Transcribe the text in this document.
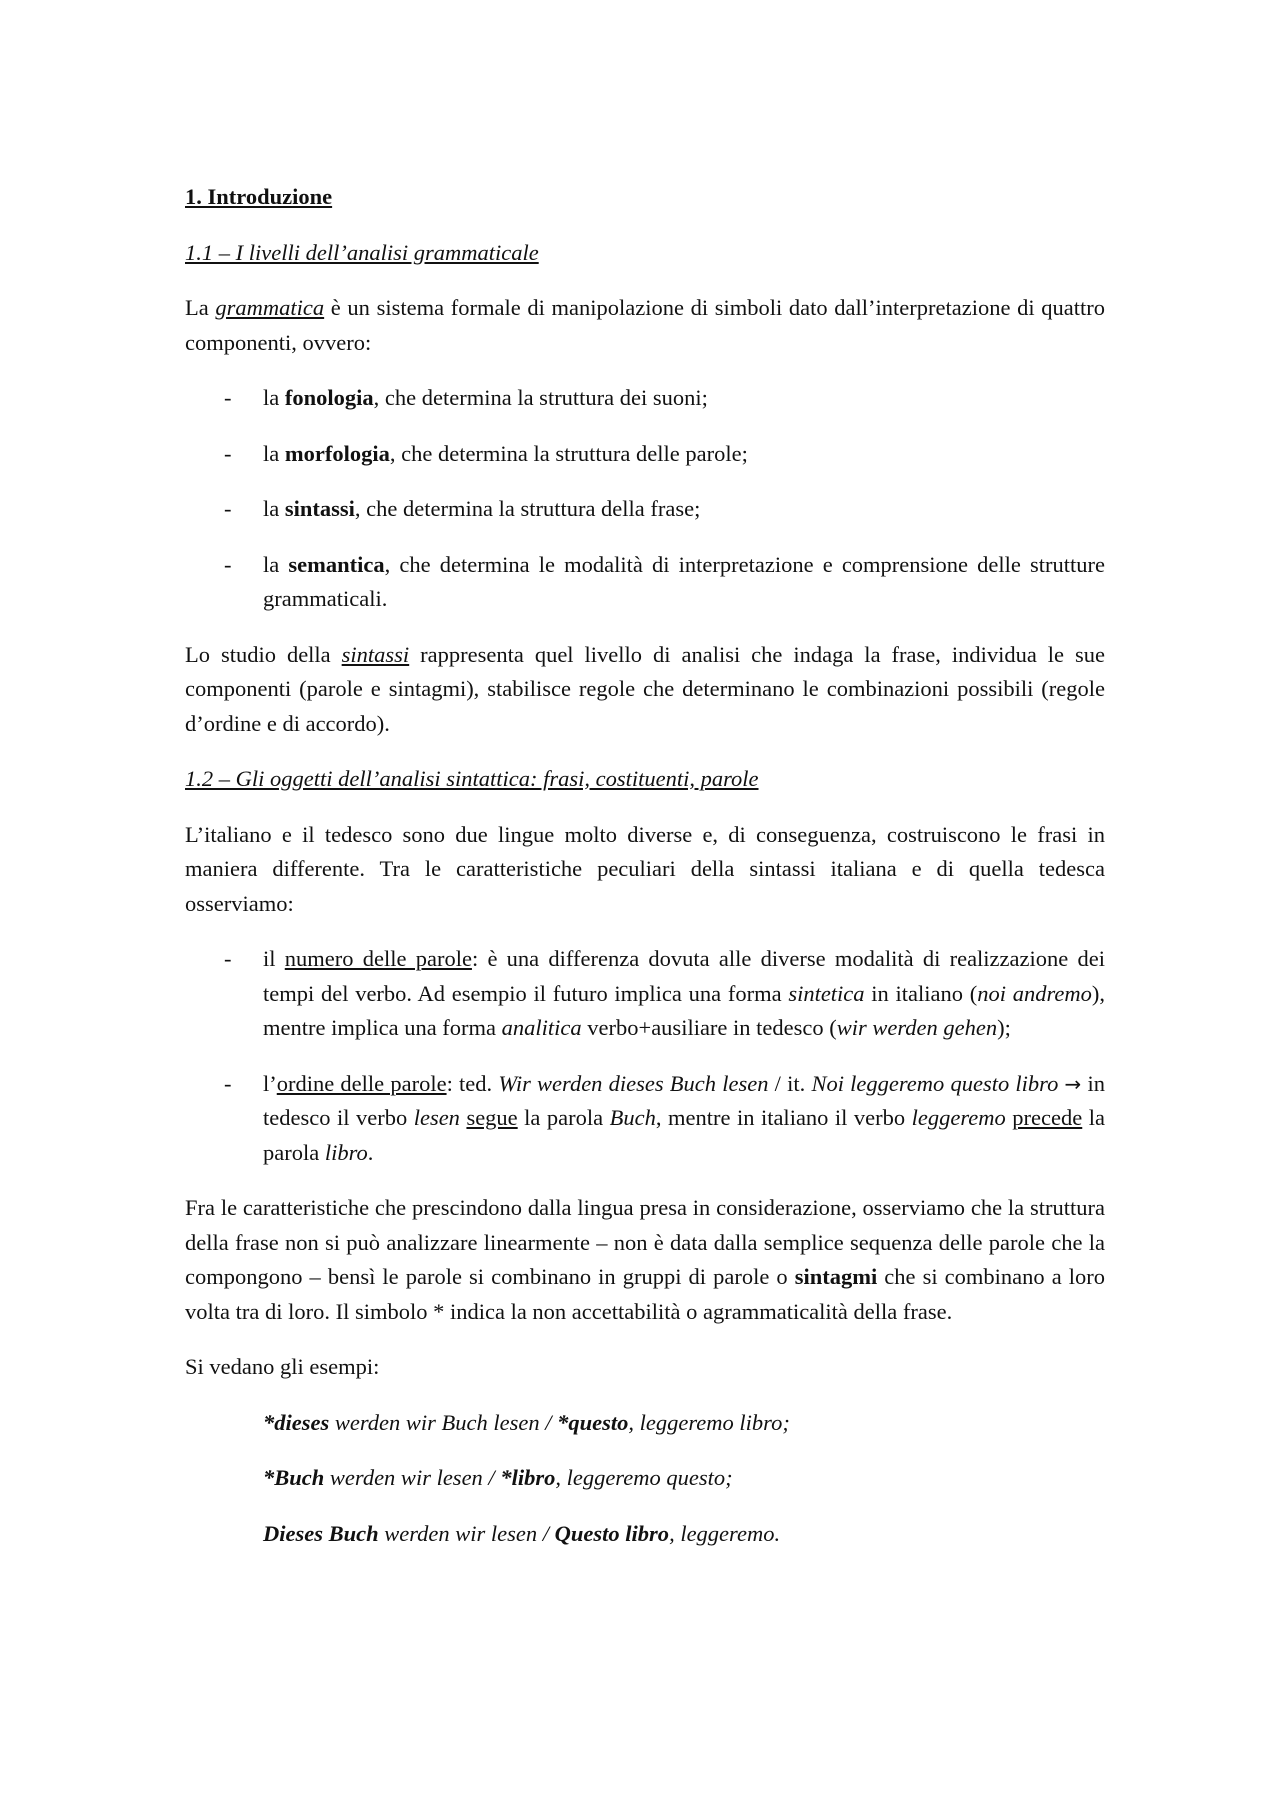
1. Introduzione
1.1 – I livelli dell’analisi grammaticale

La grammatica è un sistema formale di manipolazione di simboli dato dall’interpretazione di quattro componenti, ovvero:

- la fonologia, che determina la struttura dei suoni;
- la morfologia, che determina la struttura delle parole;
- la sintassi, che determina la struttura della frase;
- la semantica, che determina le modalità di interpretazione e comprensione delle strutture grammaticali.

Lo studio della sintassi rappresenta quel livello di analisi che indaga la frase, individua le sue componenti (parole e sintagmi), stabilisce regole che determinano le combinazioni possibili (regole d’ordine e di accordo).

1.2 – Gli oggetti dell’analisi sintattica: frasi, costituenti, parole

L’italiano e il tedesco sono due lingue molto diverse e, di conseguenza, costruiscono le frasi in maniera differente. Tra le caratteristiche peculiari della sintassi italiana e di quella tedesca osserviamo:

- il numero delle parole: è una differenza dovuta alle diverse modalità di realizzazione dei tempi del verbo. Ad esempio il futuro implica una forma sintetica in italiano (noi andremo), mentre implica una forma analitica verbo+ausiliare in tedesco (wir werden gehen);
- l’ordine delle parole: ted. Wir werden dieses Buch lesen / it. Noi leggeremo questo libro → in tedesco il verbo lesen segue la parola Buch, mentre in italiano il verbo leggeremo precede la parola libro.

Fra le caratteristiche che prescindono dalla lingua presa in considerazione, osserviamo che la struttura della frase non si può analizzare linearmente – non è data dalla semplice sequenza delle parole che la compongono – bensì le parole si combinano in gruppi di parole o sintagmi che si combinano a loro volta tra di loro. Il simbolo * indica la non accettabilità o agrammaticalità della frase.

Si vedano gli esempi:

*dieses werden wir Buch lesen / *questo, leggeremo libro;
*Buch werden wir lesen / *libro, leggeremo questo;
Dieses Buch werden wir lesen / Questo libro, leggeremo.
